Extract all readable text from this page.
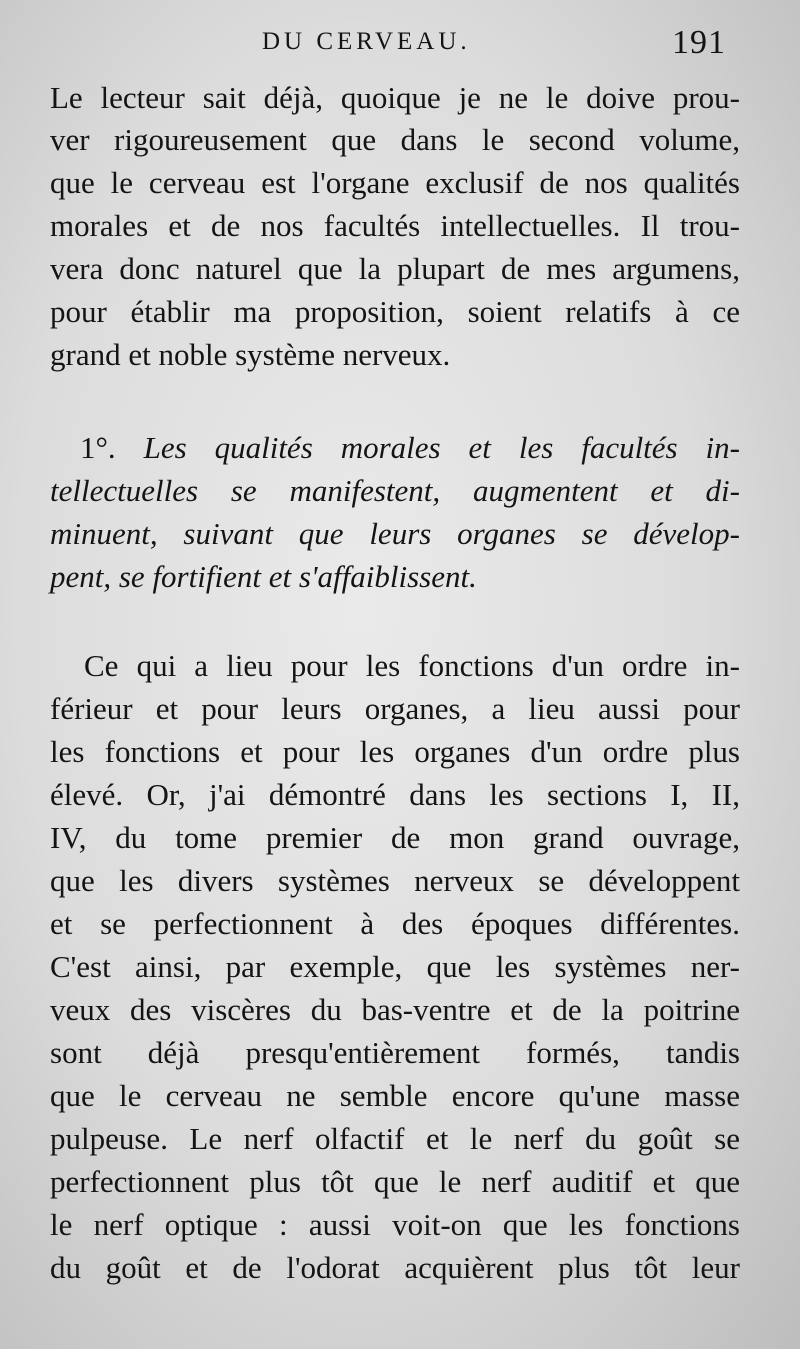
DU CERVEAU.	191
Le lecteur sait déjà, quoique je ne le doive prou-
ver rigoureusement que dans le second volume,
que le cerveau est l'organe exclusif de nos qualités
morales et de nos facultés intellectuelles. Il trou-
vera donc naturel que la plupart de mes argumens,
pour établir ma proposition, soient relatifs à ce
grand et noble système nerveux.
1°. Les qualités morales et les facultés in-
tellectuelles se manifestent, augmentent et di-
minuent, suivant que leurs organes se dévelop-
pent, se fortifient et s'affaiblissent.
Ce qui a lieu pour les fonctions d'un ordre in-
férieur et pour leurs organes, a lieu aussi pour
les fonctions et pour les organes d'un ordre plus
élevé. Or, j'ai démontré dans les sections I, II,
IV, du tome premier de mon grand ouvrage,
que les divers systèmes nerveux se développent
et se perfectionnent à des époques différentes.
C'est ainsi, par exemple, que les systèmes ner-
veux des viscères du bas-ventre et de la poitrine
sont déjà presqu'entièrement formés, tandis
que le cerveau ne semble encore qu'une masse
pulpeuse. Le nerf olfactif et le nerf du goût se
perfectionnent plus tôt que le nerf auditif et que
le nerf optique : aussi voit-on que les fonctions
du goût et de l'odorat acquièrent plus tôt leur
